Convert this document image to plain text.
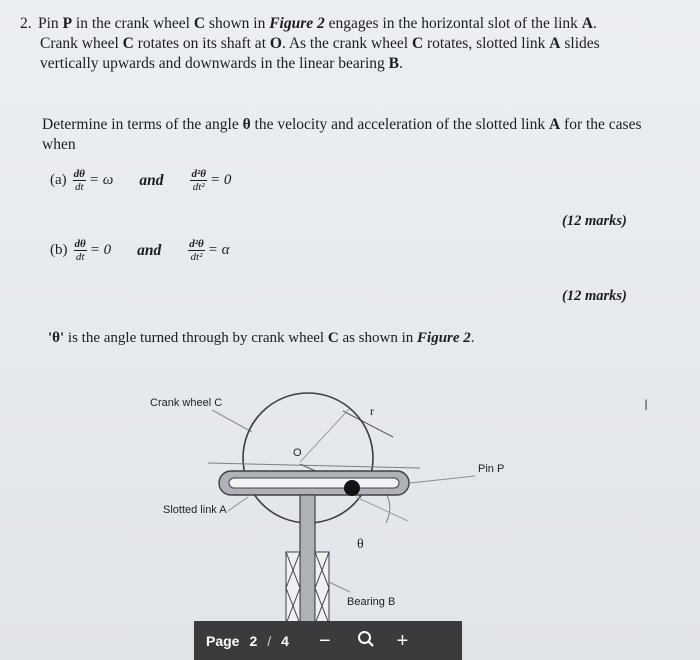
2. Pin P in the crank wheel C shown in Figure 2 engages in the horizontal slot of the link A.
Crank wheel C rotates on its shaft at O. As the crank wheel C rotates, slotted link A slides
vertically upwards and downwards in the linear bearing B.

Determine in terms of the angle θ the velocity and acceleration of the slotted link A for the cases when

$(a) \frac{d\theta}{dt} = \omega$ and $\frac{\text{d²θ}}{\text{dt²}} = 0$
(12 marks)
$(b) \frac{d\theta}{dt} = 0$ and $\frac{\text{d²θ}}{\text{dt²}} = \alpha$
(12 marks)
'θ' is the angle turned through by crank wheel C as shown in Figure 2.
Crank wheel C
r
O
Pin P
Slotted link A
θ
Bearing B
I
Page 2 / 4 −	+
